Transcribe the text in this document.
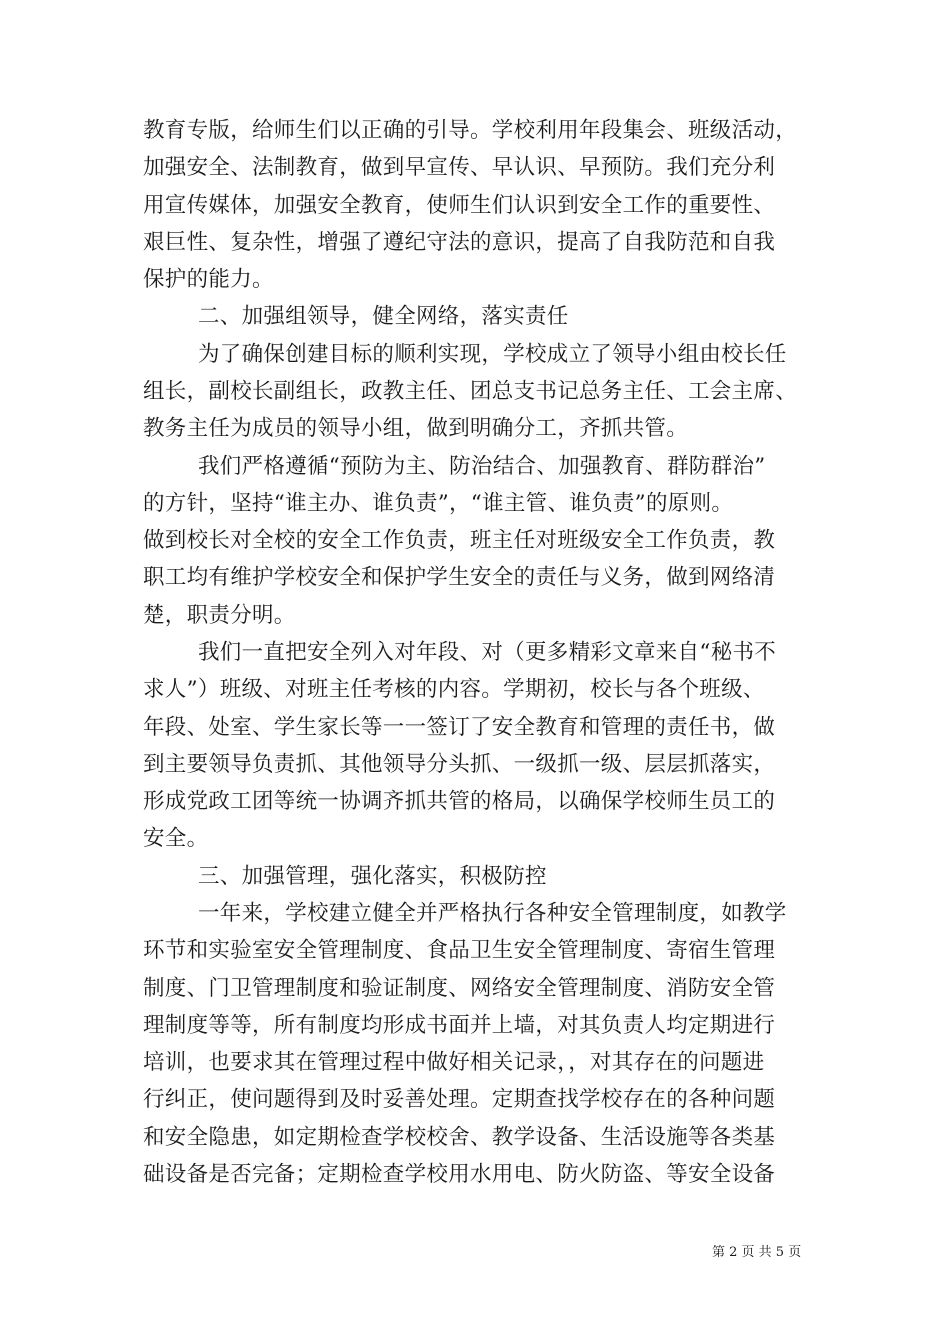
教育专版，给师生们以正确的引导。学校利用年段集会、班级活动，
加强安全、法制教育，做到早宣传、早认识、早预防。我们充分利
用宣传媒体，加强安全教育，使师生们认识到安全工作的重要性、
艰巨性、复杂性，增强了遵纪守法的意识，提高了自我防范和自我
保护的能力。
二、加强组领导，健全网络，落实责任
为了确保创建目标的顺利实现，学校成立了领导小组由校长任
组长，副校长副组长，政教主任、团总支书记总务主任、工会主席、
教务主任为成员的领导小组，做到明确分工，齐抓共管。
我们严格遵循“预防为主、防治结合、加强教育、群防群治”
的方针，坚持“谁主办、谁负责”，“谁主管、谁负责”的原则。
做到校长对全校的安全工作负责，班主任对班级安全工作负责，教
职工均有维护学校安全和保护学生安全的责任与义务，做到网络清
楚，职责分明。
我们一直把安全列入对年段、对（更多精彩文章来自“秘书不
求人”）班级、对班主任考核的内容。学期初，校长与各个班级、
年段、处室、学生家长等一一签订了安全教育和管理的责任书，做
到主要领导负责抓、其他领导分头抓、一级抓一级、层层抓落实，
形成党政工团等统一协调齐抓共管的格局，以确保学校师生员工的
安全。
三、加强管理，强化落实，积极防控
一年来，学校建立健全并严格执行各种安全管理制度，如教学
环节和实验室安全管理制度、食品卫生安全管理制度、寄宿生管理
制度、门卫管理制度和验证制度、网络安全管理制度、消防安全管
理制度等等，所有制度均形成书面并上墙，对其负责人均定期进行
培训，也要求其在管理过程中做好相关记录，，对其存在的问题进
行纠正，使问题得到及时妥善处理。定期查找学校存在的各种问题
和安全隐患，如定期检查学校校舍、教学设备、生活设施等各类基
础设备是否完备；定期检查学校用水用电、防火防盗、等安全设备
第 2 页 共 5 页
